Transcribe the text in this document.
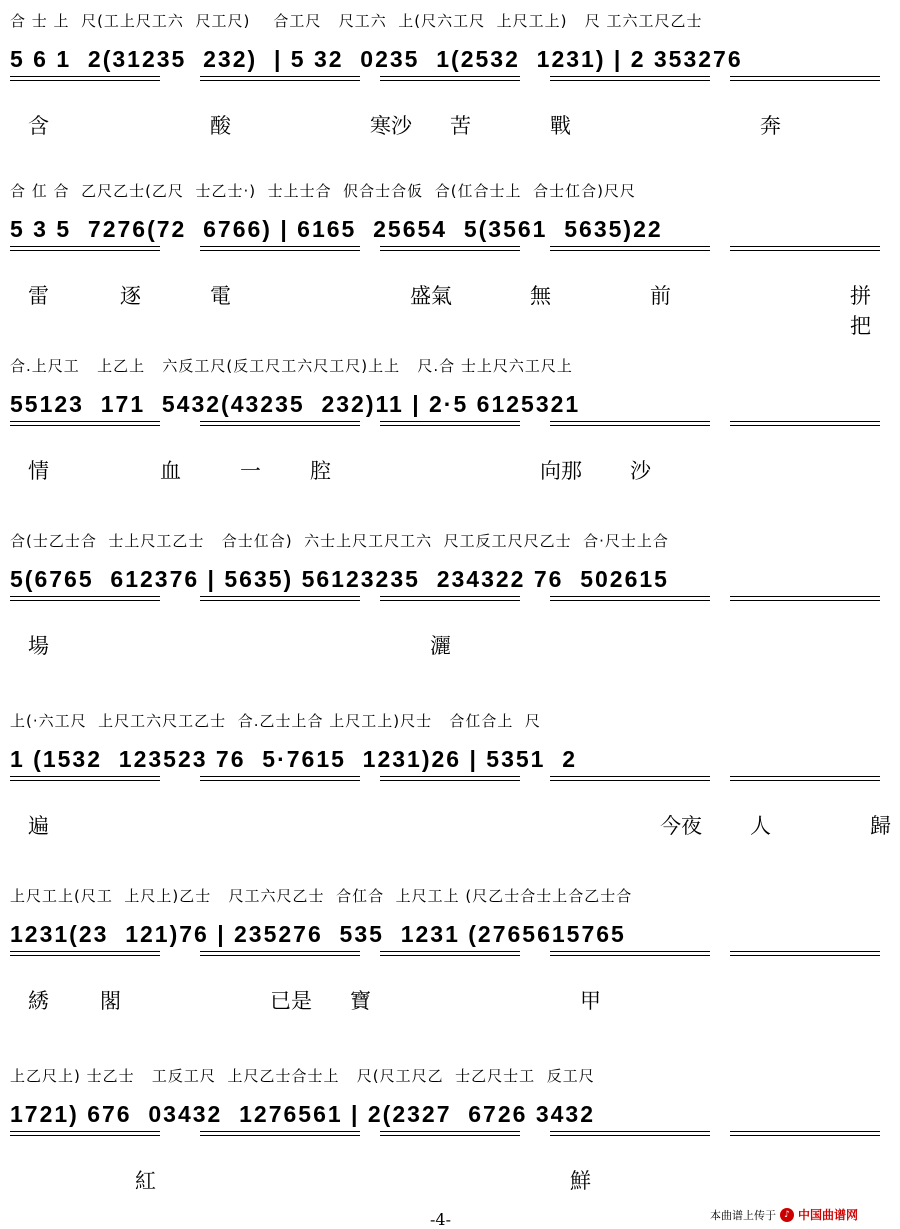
合 士 上  尺(工上尺工六  尺工尺)    合工尺   尺工六  上(尺六工尺  上尺工上)   尺 工六工尺乙士
5 6 1  2(31235  232)  | 5 32  0235  1(2532  1231) | 2 353276
含	酸	寒沙 苦	戰	奔
合 仜 合  乙尺乙士(乙尺  士乙士·)  士上士合  伬合士合仮  合(仜合士上  合士仜合)尺尺
5 3 5  7276(72  6766) | 6165  25654  5(3561  5635)22
雷	逐	電	盛氣	無	前	拼把
合.上尺工   上乙上   六反工尺(反工尺工六尺工尺)上上   尺.合 士上尺六工尺上
55123  171  5432(43235  232)11 | 2·5 6125321
情	血	一 腔	向那 沙
合(士乙士合  士上尺工乙士   合士仜合)  六士上尺工尺工六  尺工反工尺尺乙士  合·尺士上合
5(6765  612376 | 5635) 56123235  234322 76  502615
場	灑
上(·六工尺  上尺工六尺工乙士  合.乙士上合 上尺工上)尺士   合仜合上  尺
1 (1532  123523 76  5·7615  1231)26 | 5351  2
遍	今夜 人	歸
上尺工上(尺工  上尺上)乙士   尺工六尺乙士  合仜合  上尺工上 (尺乙士合士上合乙士合
1231(23  121)76 | 235276  535  1231 (2765615765
綉 閣	已是 寶	甲
上乙尺上) 士乙士   工反工尺  上尺乙士合士上   尺(尺工尺乙  士乙尺士工  反工尺
1721) 676  03432  1276561 | 2(2327  6726 3432
紅	鮮
-4-	本曲谱上传于 ♪ 中国曲谱网
